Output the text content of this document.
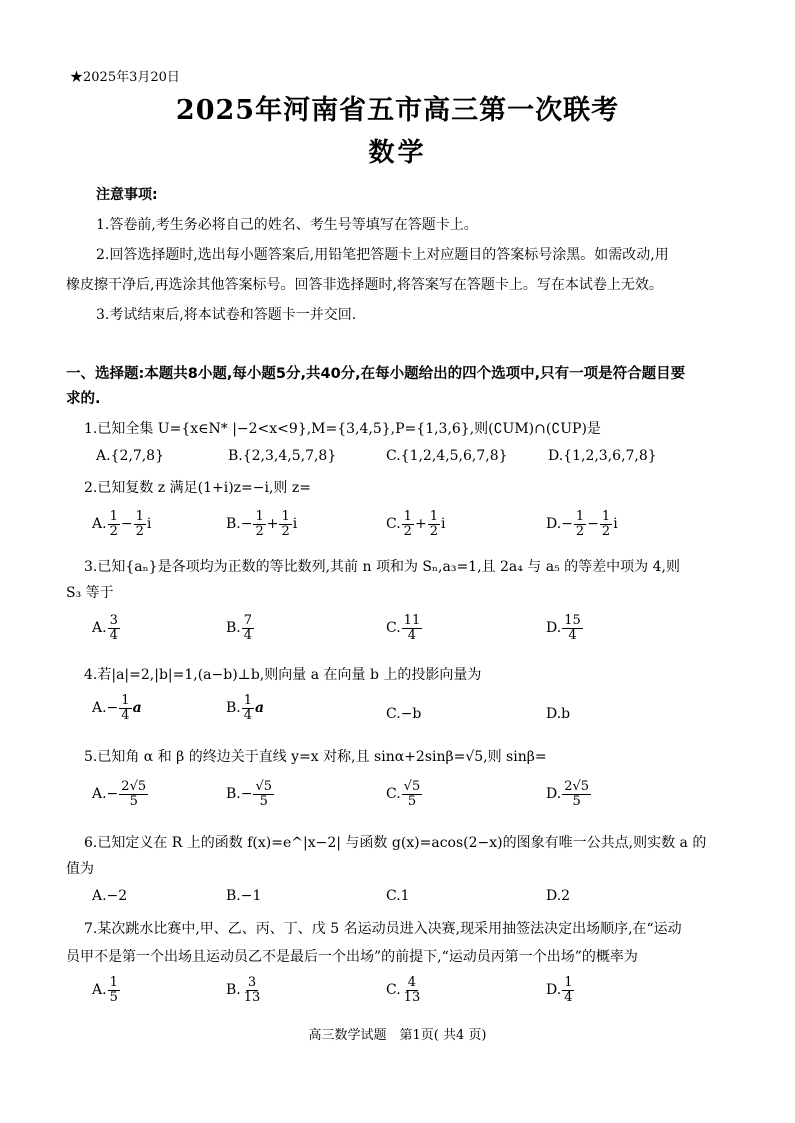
★2025年3月20日
2025年河南省五市高三第一次联考
数学
注意事项:
1.答卷前,考生务必将自己的姓名、考生号等填写在答题卡上。
2.回答选择题时,选出每小题答案后,用铅笔把答题卡上对应题目的答案标号涂黑。如需改动,用
橡皮擦干净后,再选涂其他答案标号。回答非选择题时,将答案写在答题卡上。写在本试卷上无效。
3.考试结束后,将本试卷和答题卡一并交回.
一、选择题:本题共8小题,每小题5分,共40分,在每小题给出的四个选项中,只有一项是符合题目要
求的.
1.已知全集 U={x∈N* |−2<x<9},M={3,4,5},P={1,3,6},则(∁UM)∩(∁UP)是
A.{2,7,8}	B.{2,3,4,5,7,8}	C.{1,2,4,5,6,7,8}	D.{1,2,3,6,7,8}
2.已知复数 z 满足(1+i)z=−i,则 z=
A. $\frac{1}{2} - \frac{1}{2}$ i	$B.- \frac{1}{2} + \frac{1}{2}$ i	C. $\frac{1}{2} + \frac{1}{2}$ i	$D.- \frac{1}{2} - \frac{1}{2}$ i
3.已知{aₙ}是各项均为正数的等比数列,其前 n 项和为 Sₙ,a₃=1,且 2a₄ 与 a₅ 的等差中项为 4,则
S₃ 等于
A. $\frac{3}{4}$	B. $\frac{7}{4}$	C. $\frac{11}{4}$	D. $\frac{15}{4}$
4.若|a|=2,|b|=1,(a−b)⊥b,则向量 a 在向量 b 上的投影向量为
$A.- \frac{1}{4}$ a	B. $\frac{1}{4}$ a	C.−b	D.b
5.已知角 α 和 β 的终边关于直线 y=x 对称,且 sinα+2sinβ=√5,则 sinβ=
$A.- \frac{2√5}{5}$	$B.- \frac{√5}{5}$	C. $\frac{√5}{5}$	D. $\frac{2√5}{5}$
6.已知定义在 R 上的函数 f(x)=e^|x−2| 与函数 g(x)=acos(2−x)的图象有唯一公共点,则实数 a 的
值为
A.−2	B.−1	C.1	D.2
7.某次跳水比赛中,甲、乙、丙、丁、戊 5 名运动员进入决赛,现采用抽签法决定出场顺序,在“运动
员甲不是第一个出场且运动员乙不是最后一个出场”的前提下,“运动员丙第一个出场”的概率为
A. $\frac{1}{5}$	B. $\frac{3}{13}$	C. $\frac{4}{13}$	D. $\frac{1}{4}$
高三数学试题　第1页( 共4 页)
